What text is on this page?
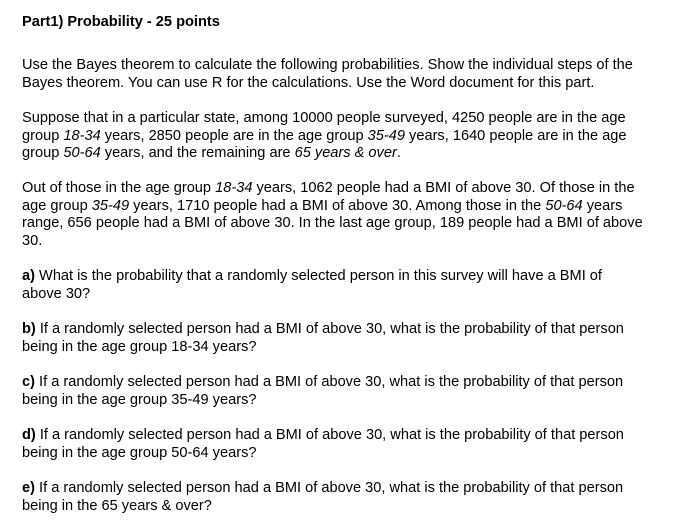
Part1) Probability - 25 points

Use the Bayes theorem to calculate the following probabilities. Show the individual steps of the
Bayes theorem. You can use R for the calculations. Use the Word document for this part.

Suppose that in a particular state, among 10000 people surveyed, 4250 people are in the age
group 18-34 years, 2850 people are in the age group 35-49 years, 1640 people are in the age
group 50-64 years, and the remaining are 65 years & over.

Out of those in the age group 18-34 years, 1062 people had a BMI of above 30. Of those in the
age group 35-49 years, 1710 people had a BMI of above 30. Among those in the 50-64 years
range, 656 people had a BMI of above 30. In the last age group, 189 people had a BMI of above
30.

a) What is the probability that a randomly selected person in this survey will have a BMI of
above 30?

b) If a randomly selected person had a BMI of above 30, what is the probability of that person
being in the age group 18-34 years?

c) If a randomly selected person had a BMI of above 30, what is the probability of that person
being in the age group 35-49 years?

d) If a randomly selected person had a BMI of above 30, what is the probability of that person
being in the age group 50-64 years?

e) If a randomly selected person had a BMI of above 30, what is the probability of that person
being in the 65 years & over?
